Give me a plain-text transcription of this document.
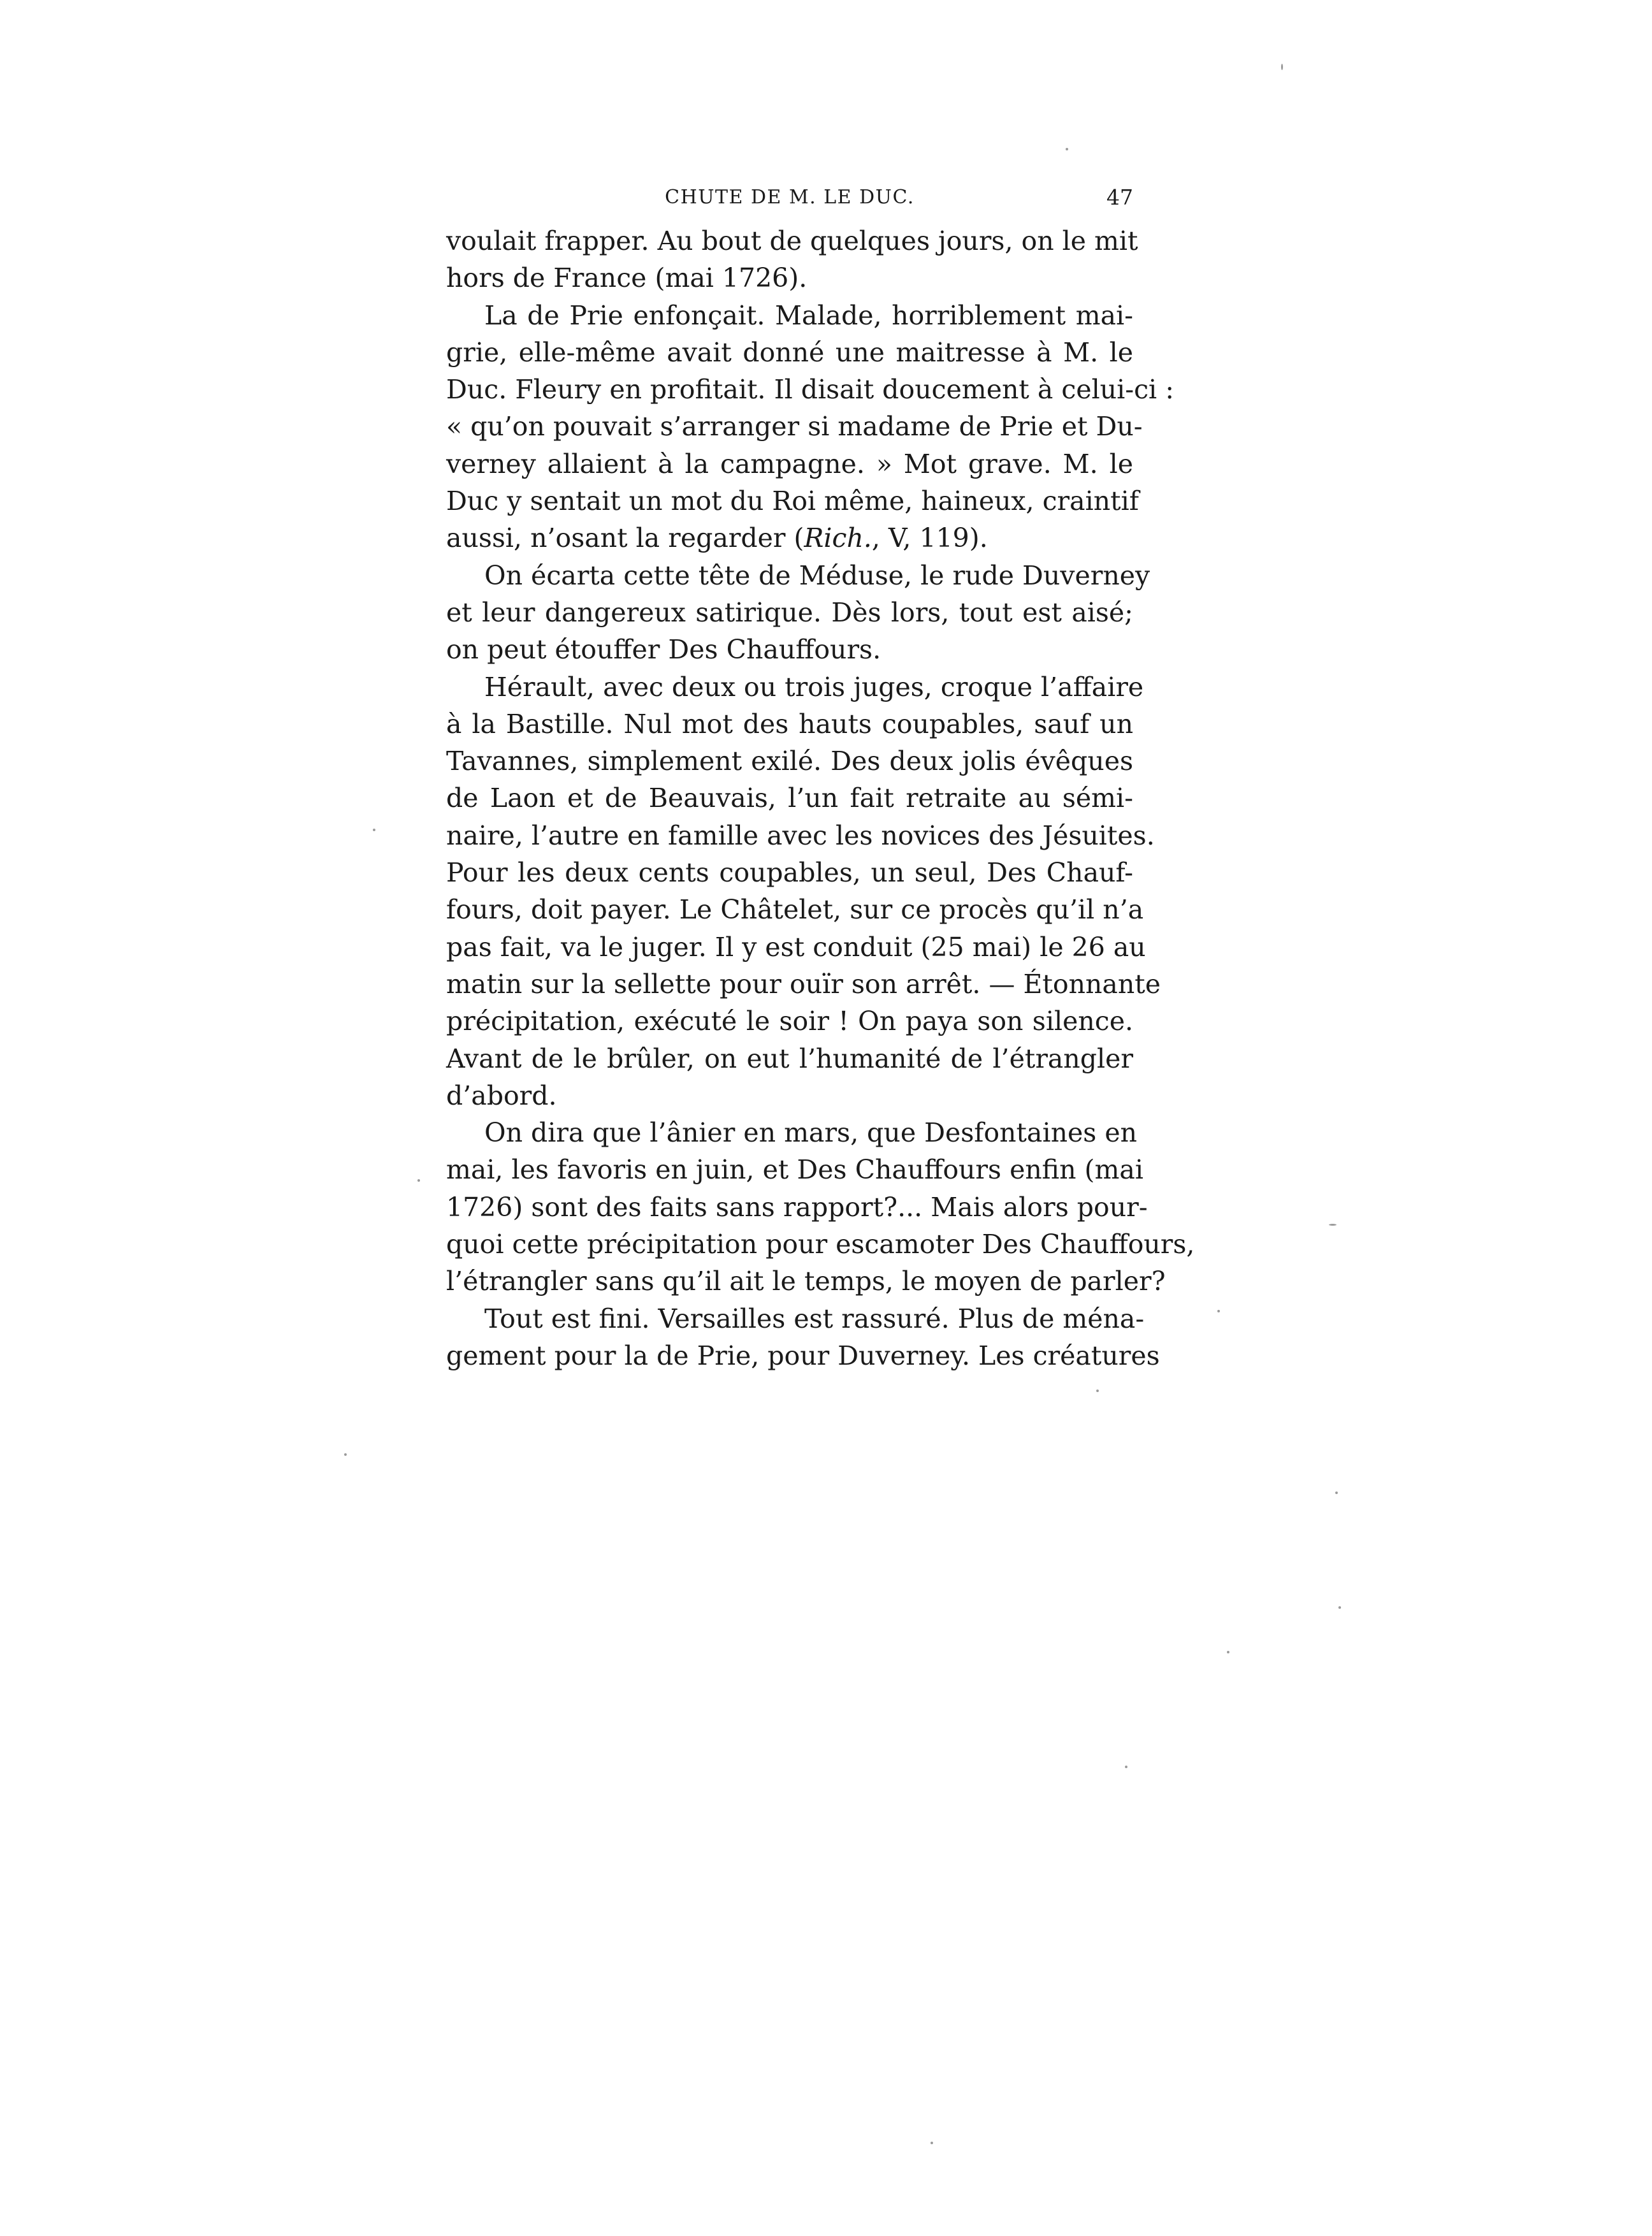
CHUTE DE M. LE DUC.	47
voulait frapper. Au bout de quelques jours, on le mit
hors de France (mai 1726).
La de Prie enfonçait. Malade, horriblement mai-
grie, elle-même avait donné une maitresse à M. le
Duc. Fleury en profitait. Il disait doucement à celui-ci :
« qu’on pouvait s’arranger si madame de Prie et Du-
verney allaient à la campagne. » Mot grave. M. le
Duc y sentait un mot du Roi même, haineux, craintif
aussi, n’osant la regarder (Rich., V, 119).
On écarta cette tête de Méduse, le rude Duverney
et leur dangereux satirique. Dès lors, tout est aisé;
on peut étouffer Des Chauffours.
Hérault, avec deux ou trois juges, croque l’affaire
à la Bastille. Nul mot des hauts coupables, sauf un
Tavannes, simplement exilé. Des deux jolis évêques
de Laon et de Beauvais, l’un fait retraite au sémi-
naire, l’autre en famille avec les novices des Jésuites.
Pour les deux cents coupables, un seul, Des Chauf-
fours, doit payer. Le Châtelet, sur ce procès qu’il n’a
pas fait, va le juger. Il y est conduit (25 mai) le 26 au
matin sur la sellette pour ouïr son arrêt. — Étonnante
précipitation, exécuté le soir ! On paya son silence.
Avant de le brûler, on eut l’humanité de l’étrangler
d’abord.
On dira que l’ânier en mars, que Desfontaines en
mai, les favoris en juin, et Des Chauffours enfin (mai
1726) sont des faits sans rapport?... Mais alors pour-
quoi cette précipitation pour escamoter Des Chauffours,
l’étrangler sans qu’il ait le temps, le moyen de parler?
Tout est fini. Versailles est rassuré. Plus de ména-
gement pour la de Prie, pour Duverney. Les créatures
